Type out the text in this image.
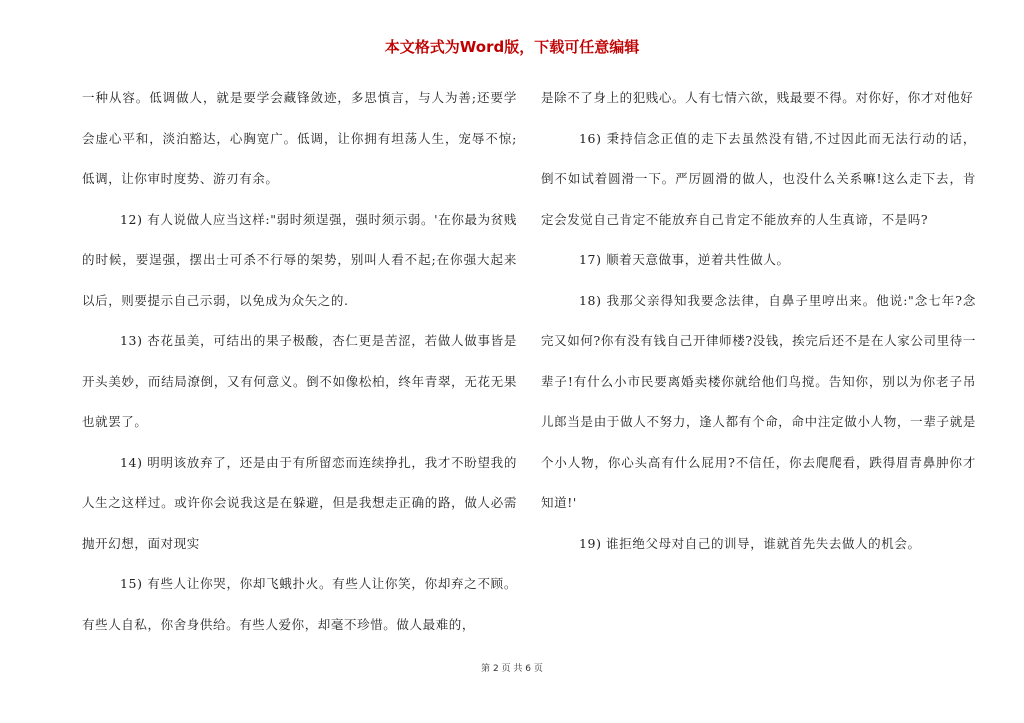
本文格式为Word版，下载可任意编辑

一种从容。低调做人，就是要学会藏锋敛迹，多思慎言，与人为善;还要学会虚心平和，淡泊豁达，心胸宽广。低调，让你拥有坦荡人生，宠辱不惊;低调，让你审时度势、游刃有余。

12) 有人说做人应当这样:"弱时须逞强，强时须示弱。'在你最为贫贱的时候，要逞强，摆出士可杀不行辱的架势，别叫人看不起;在你强大起来以后，则要提示自己示弱，以免成为众矢之的.

13) 杏花虽美，可结出的果子极酸，杏仁更是苦涩，若做人做事皆是开头美妙，而结局潦倒，又有何意义。倒不如像松柏，终年青翠，无花无果也就罢了。

14) 明明该放弃了，还是由于有所留恋而连续挣扎，我才不盼望我的人生之这样过。或许你会说我这是在躲避，但是我想走正确的路，做人必需抛开幻想，面对现实

15) 有些人让你哭，你却飞蛾扑火。有些人让你笑，你却弃之不顾。有些人自私，你舍身供给。有些人爱你，却毫不珍惜。做人最难的，

是除不了身上的犯贱心。人有七情六欲，贱最要不得。对你好，你才对他好

16) 秉持信念正值的走下去虽然没有错,不过因此而无法行动的话，倒不如试着圆滑一下。严厉圆滑的做人，也没什么关系嘛!这么走下去，肯定会发觉自己肯定不能放弃自己肯定不能放弃的人生真谛，不是吗?

17) 顺着天意做事，逆着共性做人。

18) 我那父亲得知我要念法律，自鼻子里哼出来。他说:"念七年?念完又如何?你有没有钱自己开律师楼?没钱，挨完后还不是在人家公司里待一辈子!有什么小市民要离婚卖楼你就给他们鸟搅。告知你，别以为你老子吊儿郎当是由于做人不努力，逢人都有个命，命中注定做小人物，一辈子就是个小人物，你心头高有什么屁用?不信任，你去爬爬看，跌得眉青鼻肿你才知道!'

19) 谁拒绝父母对自己的训导，谁就首先失去做人的机会。

第 2 页 共 6 页
